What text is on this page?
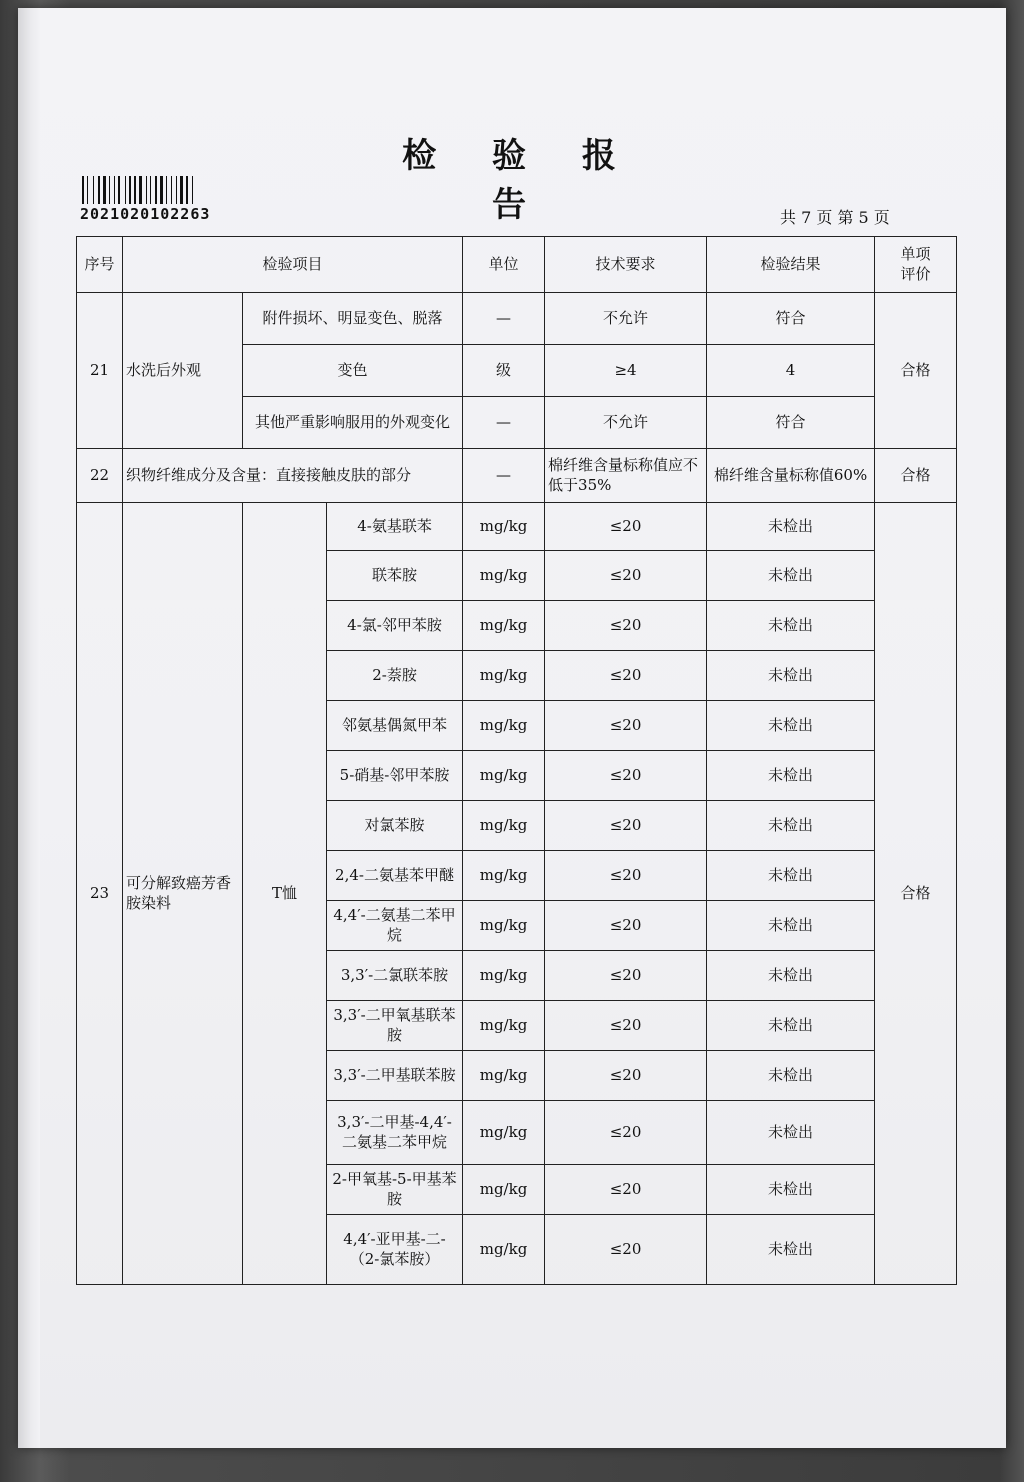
检 验 报 告
2021020102263	共 7 页 第 5 页
序号	检验项目			单位	技术要求	检验结果	单项
评价
21	水洗后外观	附件损坏、明显变色、脱落		—	不允许	符合	合格
		变色		级	≥4	4	
		其他严重影响服用的外观变化		—	不允许	符合	
22	织物纤维成分及含量：直接接触皮肤的部分			—	棉纤维含量标称值应不低于35%	棉纤维含量标称值60%	合格
23	可分解致癌芳香胺染料	T恤	4-氨基联苯	mg/kg	≤20	未检出	合格
			联苯胺	mg/kg	≤20	未检出	
			4-氯-邻甲苯胺	mg/kg	≤20	未检出	
			2-萘胺	mg/kg	≤20	未检出	
			邻氨基偶氮甲苯	mg/kg	≤20	未检出	
			5-硝基-邻甲苯胺	mg/kg	≤20	未检出	
			对氯苯胺	mg/kg	≤20	未检出	
			2,4-二氨基苯甲醚	mg/kg	≤20	未检出	
			4,4′-二氨基二苯甲烷	mg/kg	≤20	未检出	
			3,3′-二氯联苯胺	mg/kg	≤20	未检出	
			3,3′-二甲氧基联苯胺	mg/kg	≤20	未检出	
			3,3′-二甲基联苯胺	mg/kg	≤20	未检出	
			3,3′-二甲基-4,4′-二氨基二苯甲烷	mg/kg	≤20	未检出	
			2-甲氧基-5-甲基苯胺	mg/kg	≤20	未检出	
			4,4′-亚甲基-二-（2-氯苯胺）	mg/kg	≤20	未检出	
